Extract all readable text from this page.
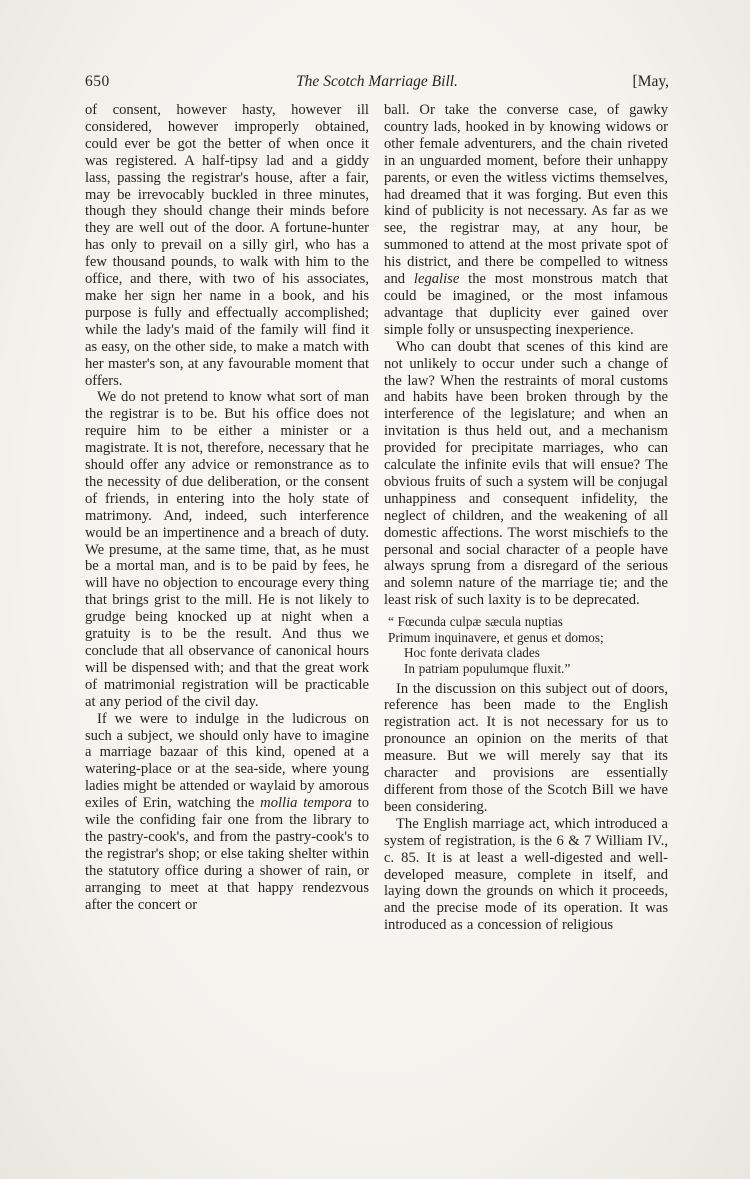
650	The Scotch Marriage Bill.	[May,

of consent, however hasty, however ill considered, however improperly obtained, could ever be got the better of when once it was registered. A half-tipsy lad and a giddy lass, passing the registrar's house, after a fair, may be irrevocably buckled in three minutes, though they should change their minds before they are well out of the door. A fortune-hunter has only to prevail on a silly girl, who has a few thousand pounds, to walk with him to the office, and there, with two of his associates, make her sign her name in a book, and his purpose is fully and effectually accomplished; while the lady's maid of the family will find it as easy, on the other side, to make a match with her master's son, at any favourable moment that offers.

We do not pretend to know what sort of man the registrar is to be. But his office does not require him to be either a minister or a magistrate. It is not, therefore, necessary that he should offer any advice or remonstrance as to the necessity of due deliberation, or the consent of friends, in entering into the holy state of matrimony. And, indeed, such interference would be an impertinence and a breach of duty. We presume, at the same time, that, as he must be a mortal man, and is to be paid by fees, he will have no objection to encourage every thing that brings grist to the mill. He is not likely to grudge being knocked up at night when a gratuity is to be the result. And thus we conclude that all observance of canonical hours will be dispensed with; and that the great work of matrimonial registration will be practicable at any period of the civil day.

If we were to indulge in the ludicrous on such a subject, we should only have to imagine a marriage bazaar of this kind, opened at a watering-place or at the sea-side, where young ladies might be attended or waylaid by amorous exiles of Erin, watching the mollia tempora to wile the confiding fair one from the library to the pastry-cook's, and from the pastry-cook's to the registrar's shop; or else taking shelter within the statutory office during a shower of rain, or arranging to meet at that happy rendezvous after the concert or

ball. Or take the converse case, of gawky country lads, hooked in by knowing widows or other female adventurers, and the chain riveted in an unguarded moment, before their unhappy parents, or even the witless victims themselves, had dreamed that it was forging. But even this kind of publicity is not necessary. As far as we see, the registrar may, at any hour, be summoned to attend at the most private spot of his district, and there be compelled to witness and legalise the most monstrous match that could be imagined, or the most infamous advantage that duplicity ever gained over simple folly or unsuspecting inexperience.

Who can doubt that scenes of this kind are not unlikely to occur under such a change of the law? When the restraints of moral customs and habits have been broken through by the interference of the legislature; and when an invitation is thus held out, and a mechanism provided for precipitate marriages, who can calculate the infinite evils that will ensue? The obvious fruits of such a system will be conjugal unhappiness and consequent infidelity, the neglect of children, and the weakening of all domestic affections. The worst mischiefs to the personal and social character of a people have always sprung from a disregard of the serious and solemn nature of the marriage tie; and the least risk of such laxity is to be deprecated.

“ Fœcunda culpæ sæcula nuptias
Primum inquinavere, et genus et domos;
Hoc fonte derivata clades
In patriam populumque fluxit.”

In the discussion on this subject out of doors, reference has been made to the English registration act. It is not necessary for us to pronounce an opinion on the merits of that measure. But we will merely say that its character and provisions are essentially different from those of the Scotch Bill we have been considering.

The English marriage act, which introduced a system of registration, is the 6 & 7 William IV., c. 85. It is at least a well-digested and well-developed measure, complete in itself, and laying down the grounds on which it proceeds, and the precise mode of its operation. It was introduced as a concession of religious
